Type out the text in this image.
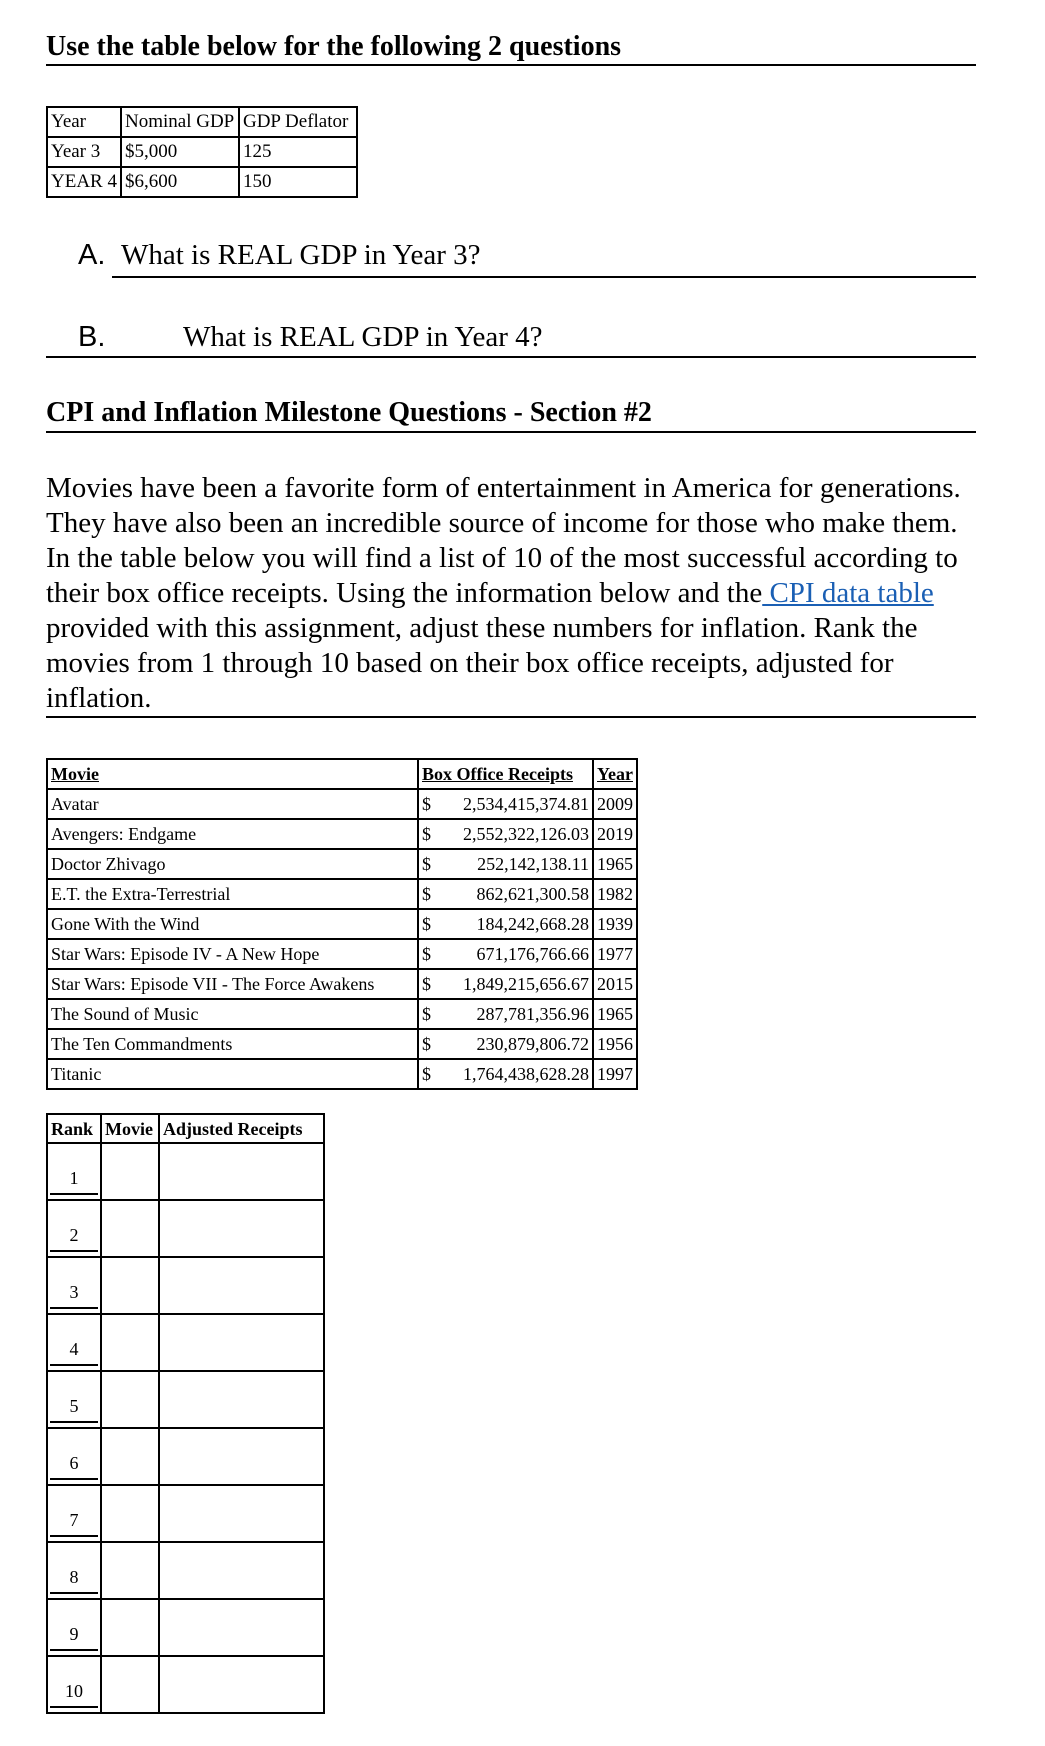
Use the table below for the following 2 questions
Year	Nominal GDP	GDP Deflator
Year 3	$5,000	125
YEAR 4	$6,600	150
A. What is REAL GDP in Year 3?
B.	What is REAL GDP in Year 4?
CPI and Inflation Milestone Questions - Section #2
Movies have been a favorite form of entertainment in America for generations. They have also been an incredible source of income for those who make them. In the table below you will find a list of 10 of the most successful according to their box office receipts. Using the information below and the CPI data table provided with this assignment, adjust these numbers for inflation. Rank the movies from 1 through 10 based on their box office receipts, adjusted for inflation.
Movie	Box Office Receipts	Year
Avatar	$ 2,534,415,374.81	2009
Avengers: Endgame	$ 2,552,322,126.03	2019
Doctor Zhivago	$ 252,142,138.11	1965
E.T. the Extra-Terrestrial	$ 862,621,300.58	1982
Gone With the Wind	$ 184,242,668.28	1939
Star Wars: Episode IV - A New Hope	$ 671,176,766.66	1977
Star Wars: Episode VII - The Force Awakens	$ 1,849,215,656.67	2015
The Sound of Music	$ 287,781,356.96	1965
The Ten Commandments	$ 230,879,806.72	1956
Titanic	$ 1,764,438,628.28	1997
Rank	Movie	Adjusted Receipts

1		

2		

3		

4		

5		

6		

7		

8		

9		

10		
